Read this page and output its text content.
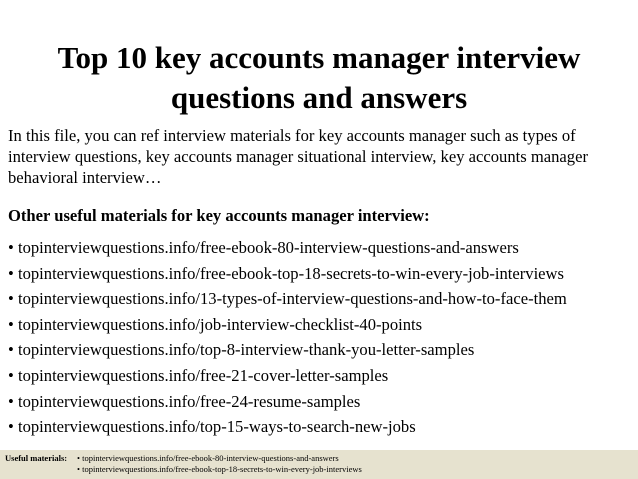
Top 10 key accounts manager interview
questions and answers

In this file, you can ref interview materials for key accounts manager such as types of interview questions, key accounts manager situational interview, key accounts manager behavioral interview…

Other useful materials for key accounts manager interview:

• topinterviewquestions.info/free-ebook-80-interview-questions-and-answers
• topinterviewquestions.info/free-ebook-top-18-secrets-to-win-every-job-interviews
• topinterviewquestions.info/13-types-of-interview-questions-and-how-to-face-them
• topinterviewquestions.info/job-interview-checklist-40-points
• topinterviewquestions.info/top-8-interview-thank-you-letter-samples
• topinterviewquestions.info/free-21-cover-letter-samples
• topinterviewquestions.info/free-24-resume-samples
• topinterviewquestions.info/top-15-ways-to-search-new-jobs
Useful materials: • topinterviewquestions.info/free-ebook-80-interview-questions-and-answers
• topinterviewquestions.info/free-ebook-top-18-secrets-to-win-every-job-interviews
